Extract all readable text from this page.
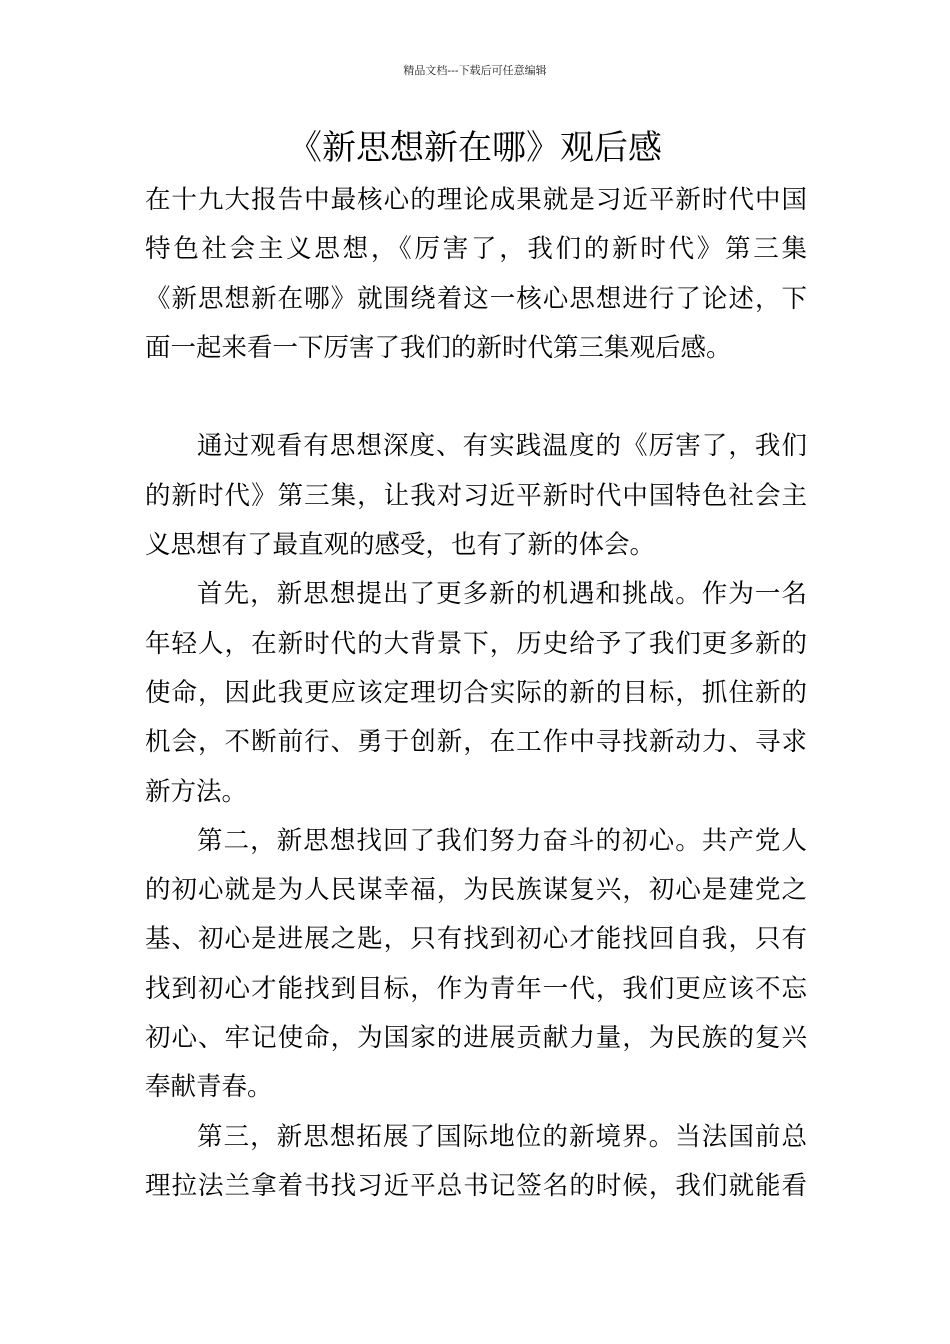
精品文档---下载后可任意编辑
《新思想新在哪》观后感
在十九大报告中最核心的理论成果就是习近平新时代中国
特色社会主义思想，《厉害了，我们的新时代》第三集
《新思想新在哪》就围绕着这一核心思想进行了论述，下
面一起来看一下厉害了我们的新时代第三集观后感。
通过观看有思想深度、有实践温度的《厉害了，我们
的新时代》第三集，让我对习近平新时代中国特色社会主
义思想有了最直观的感受，也有了新的体会。
首先，新思想提出了更多新的机遇和挑战。作为一名
年轻人，在新时代的大背景下，历史给予了我们更多新的
使命，因此我更应该定理切合实际的新的目标，抓住新的
机会，不断前行、勇于创新，在工作中寻找新动力、寻求
新方法。
第二，新思想找回了我们努力奋斗的初心。共产党人
的初心就是为人民谋幸福，为民族谋复兴，初心是建党之
基、初心是进展之匙，只有找到初心才能找回自我，只有
找到初心才能找到目标，作为青年一代，我们更应该不忘
初心、牢记使命，为国家的进展贡献力量，为民族的复兴
奉献青春。
第三，新思想拓展了国际地位的新境界。当法国前总
理拉法兰拿着书找习近平总书记签名的时候，我们就能看
